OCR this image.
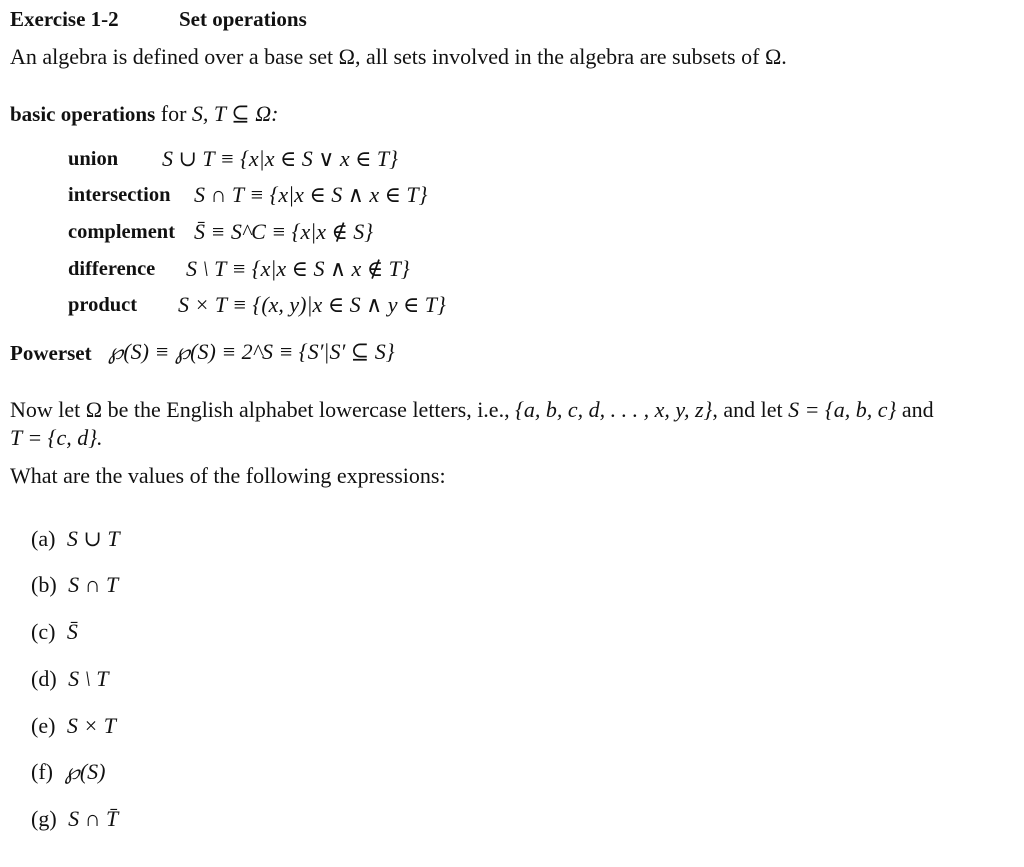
Exercise 1-2	Set operations
An algebra is defined over a base set Ω, all sets involved in the algebra are subsets of Ω.
basic operations for S, T ⊆ Ω:
union S ∪ T ≡ {x|x ∈ S ∨ x ∈ T}
intersection S ∩ T ≡ {x|x ∈ S ∧ x ∈ T}
complement S̄ ≡ S^C ≡ {x|x ∉ S}
difference S \ T ≡ {x|x ∈ S ∧ x ∉ T}
product S × T ≡ {(x, y)|x ∈ S ∧ y ∈ T}
Powerset ℘(S) ≡ ℘(S) ≡ 2^S ≡ {S′|S′ ⊆ S}
Now let Ω be the English alphabet lowercase letters, i.e., {a, b, c, d, . . . , x, y, z}, and let S = {a, b, c} and
T = {c, d}.
What are the values of the following expressions:
(a) S ∪ T
(b) S ∩ T
(c) S̄
(d) S \ T
(e) S × T
(f) ℘(S)
(g) S ∩ T̄
